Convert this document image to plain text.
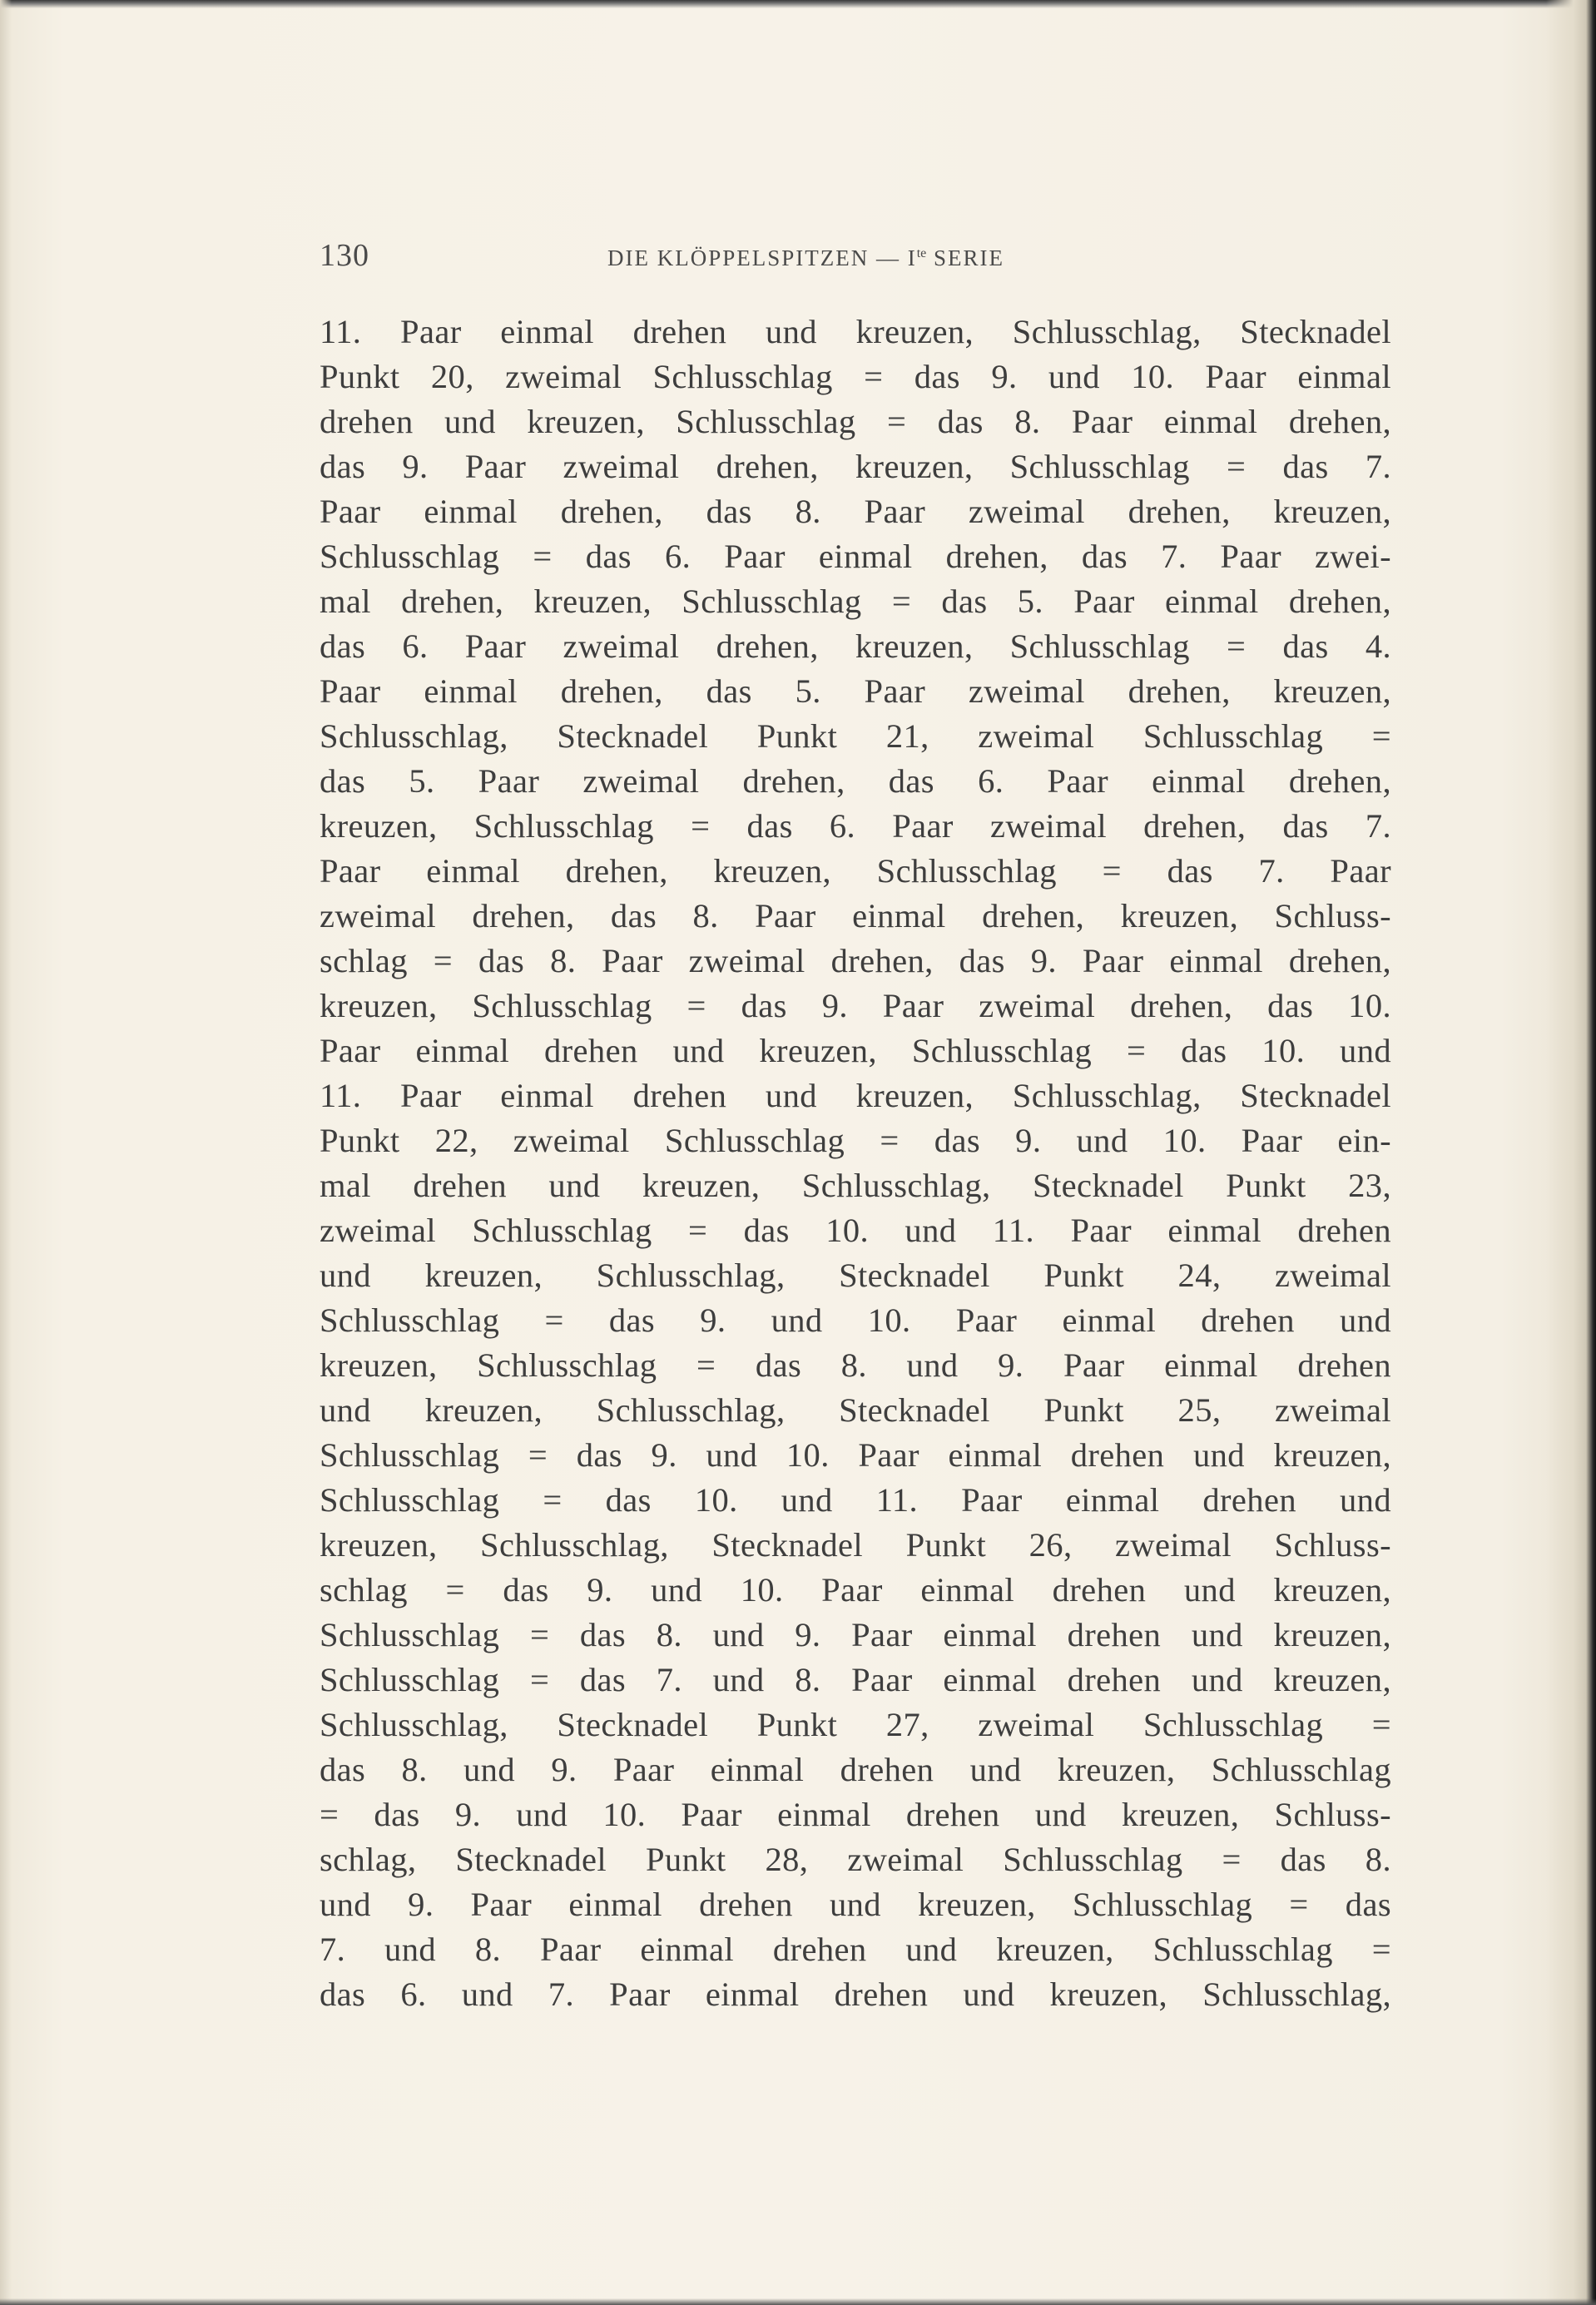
130	DIE KLÖPPELSPITZEN — $I^{te}$ SERIE
11. Paar einmal drehen und kreuzen, Schlusschlag, Stecknadel
Punkt 20, zweimal Schlusschlag = das 9. und 10. Paar einmal
drehen und kreuzen, Schlusschlag = das 8. Paar einmal drehen,
das 9. Paar zweimal drehen, kreuzen, Schlusschlag = das 7.
Paar einmal drehen, das 8. Paar zweimal drehen, kreuzen,
Schlusschlag = das 6. Paar einmal drehen, das 7. Paar zwei-
mal drehen, kreuzen, Schlusschlag = das 5. Paar einmal drehen,
das 6. Paar zweimal drehen, kreuzen, Schlusschlag = das 4.
Paar einmal drehen, das 5. Paar zweimal drehen, kreuzen,
Schlusschlag, Stecknadel Punkt 21, zweimal Schlusschlag =
das 5. Paar zweimal drehen, das 6. Paar einmal drehen,
kreuzen, Schlusschlag = das 6. Paar zweimal drehen, das 7.
Paar einmal drehen, kreuzen, Schlusschlag = das 7. Paar
zweimal drehen, das 8. Paar einmal drehen, kreuzen, Schluss-
schlag = das 8. Paar zweimal drehen, das 9. Paar einmal drehen,
kreuzen, Schlusschlag = das 9. Paar zweimal drehen, das 10.
Paar einmal drehen und kreuzen, Schlusschlag = das 10. und
11. Paar einmal drehen und kreuzen, Schlusschlag, Stecknadel
Punkt 22, zweimal Schlusschlag = das 9. und 10. Paar ein-
mal drehen und kreuzen, Schlusschlag, Stecknadel Punkt 23,
zweimal Schlusschlag = das 10. und 11. Paar einmal drehen
und kreuzen, Schlusschlag, Stecknadel Punkt 24, zweimal
Schlusschlag = das 9. und 10. Paar einmal drehen und
kreuzen, Schlusschlag = das 8. und 9. Paar einmal drehen
und kreuzen, Schlusschlag, Stecknadel Punkt 25, zweimal
Schlusschlag = das 9. und 10. Paar einmal drehen und kreuzen,
Schlusschlag = das 10. und 11. Paar einmal drehen und
kreuzen, Schlusschlag, Stecknadel Punkt 26, zweimal Schluss-
schlag = das 9. und 10. Paar einmal drehen und kreuzen,
Schlusschlag = das 8. und 9. Paar einmal drehen und kreuzen,
Schlusschlag = das 7. und 8. Paar einmal drehen und kreuzen,
Schlusschlag, Stecknadel Punkt 27, zweimal Schlusschlag =
das 8. und 9. Paar einmal drehen und kreuzen, Schlusschlag
= das 9. und 10. Paar einmal drehen und kreuzen, Schluss-
schlag, Stecknadel Punkt 28, zweimal Schlusschlag = das 8.
und 9. Paar einmal drehen und kreuzen, Schlusschlag = das
7. und 8. Paar einmal drehen und kreuzen, Schlusschlag =
das 6. und 7. Paar einmal drehen und kreuzen, Schlusschlag,
